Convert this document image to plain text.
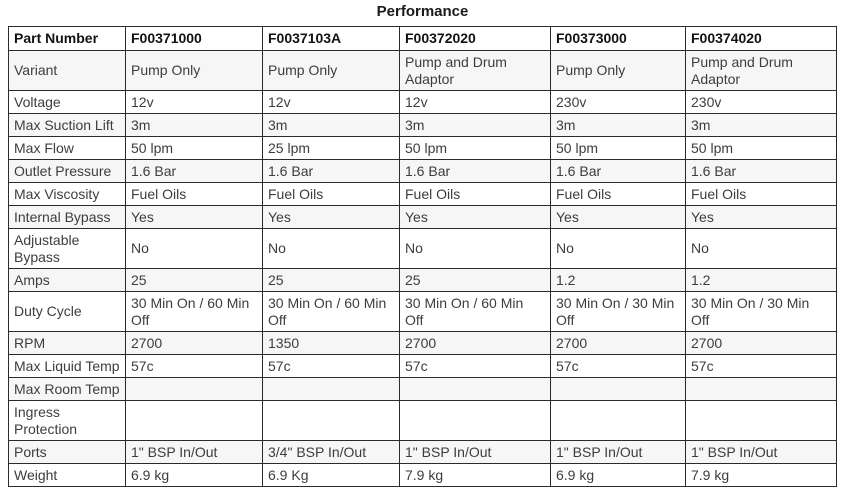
Performance
Part Number	F00371000	F0037103A	F00372020	F00373000	F00374020
Variant	Pump Only	Pump Only	Pump and Drum Adaptor	Pump Only	Pump and Drum Adaptor
Voltage	12v	12v	12v	230v	230v
Max Suction Lift	3m	3m	3m	3m	3m
Max Flow	50 lpm	25 lpm	50 lpm	50 lpm	50 lpm
Outlet Pressure	1.6 Bar	1.6 Bar	1.6 Bar	1.6 Bar	1.6 Bar
Max Viscosity	Fuel Oils	Fuel Oils	Fuel Oils	Fuel Oils	Fuel Oils
Internal Bypass	Yes	Yes	Yes	Yes	Yes
Adjustable Bypass	No	No	No	No	No
Amps	25	25	25	1.2	1.2
Duty Cycle	30 Min On / 60 Min Off	30 Min On / 60 Min Off	30 Min On / 60 Min Off	30 Min On / 30 Min Off	30 Min On / 30 Min Off
RPM	2700	1350	2700	2700	2700
Max Liquid Temp	57c	57c	57c	57c	57c
Max Room Temp					
Ingress Protection					
Ports	1" BSP In/Out	3/4" BSP In/Out	1" BSP In/Out	1" BSP In/Out	1" BSP In/Out
Weight	6.9 kg	6.9 Kg	7.9 kg	6.9 kg	7.9 kg
